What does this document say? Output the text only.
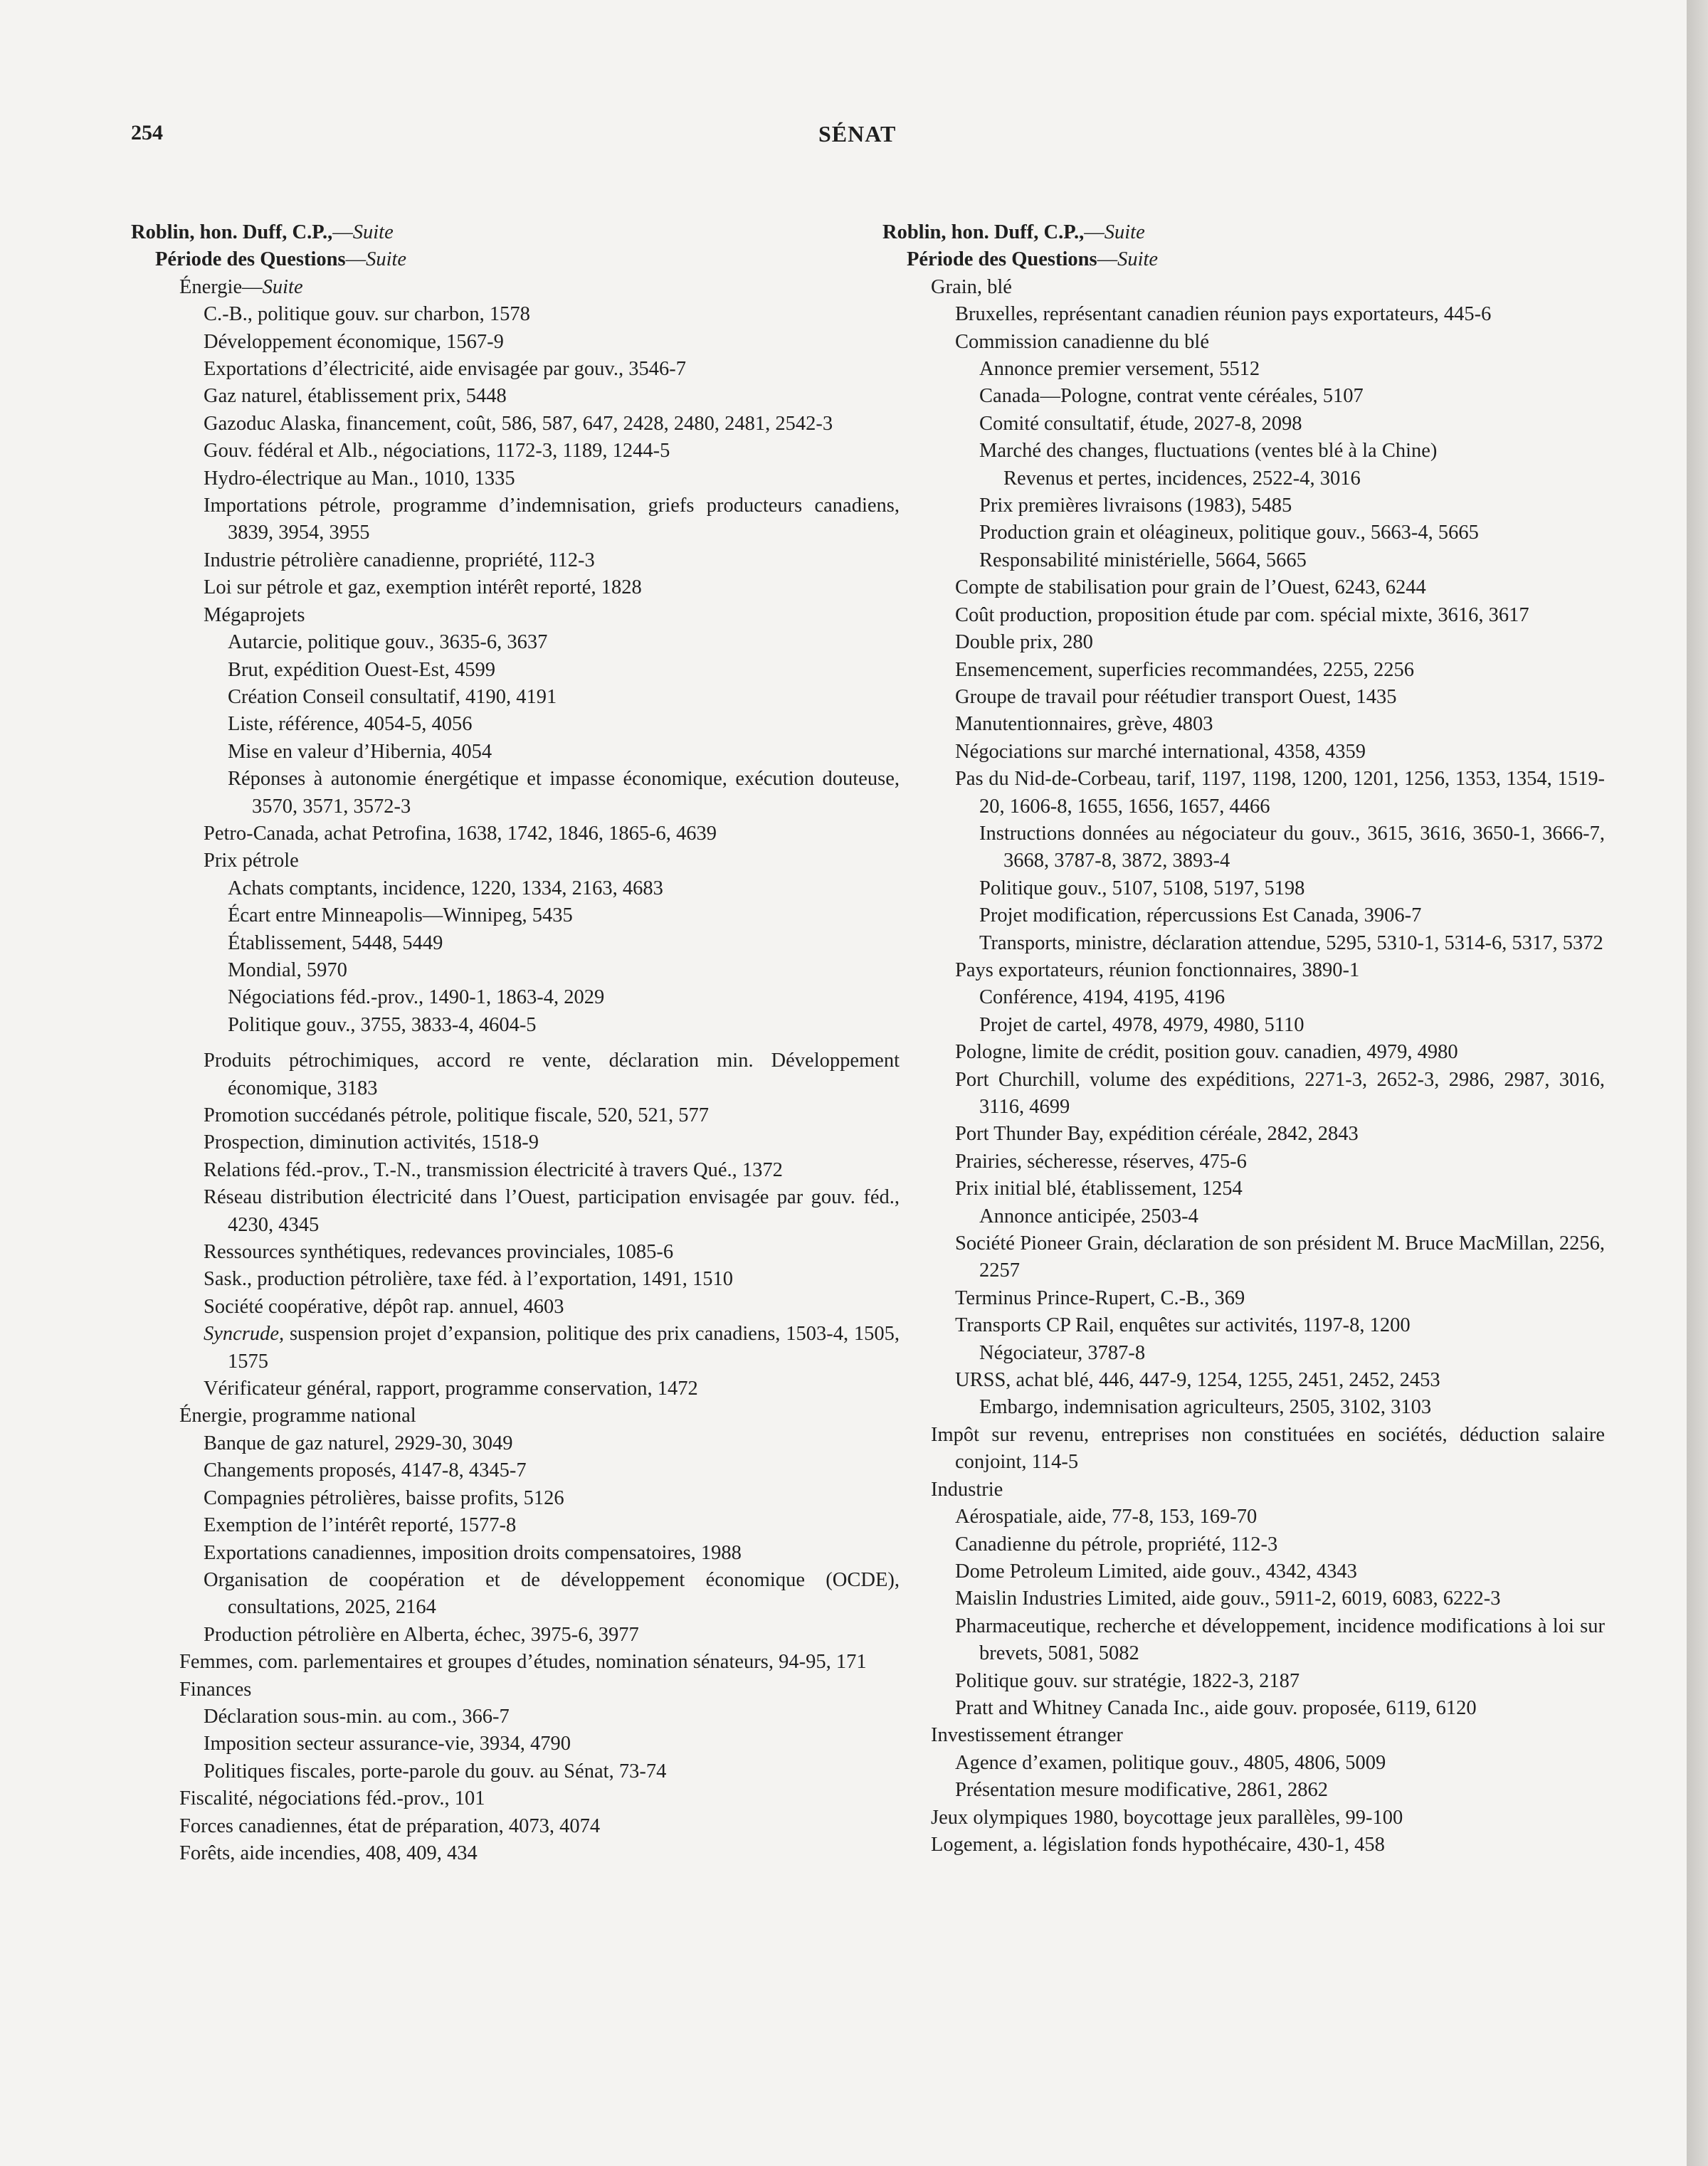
254	SÉNAT
Roblin, hon. Duff, C.P.,—Suite
Période des Questions—Suite
Énergie—Suite
C.-B., politique gouv. sur charbon, 1578
Développement économique, 1567-9
Exportations d’électricité, aide envisagée par gouv., 3546-7
Gaz naturel, établissement prix, 5448
Gazoduc Alaska, financement, coût, 586, 587, 647, 2428, 2480, 2481, 2542-3
Gouv. fédéral et Alb., négociations, 1172-3, 1189, 1244-5
Hydro-électrique au Man., 1010, 1335
Importations pétrole, programme d’indemnisation, griefs producteurs canadiens, 3839, 3954, 3955
Industrie pétrolière canadienne, propriété, 112-3
Loi sur pétrole et gaz, exemption intérêt reporté, 1828
Mégaprojets
Autarcie, politique gouv., 3635-6, 3637
Brut, expédition Ouest-Est, 4599
Création Conseil consultatif, 4190, 4191
Liste, référence, 4054-5, 4056
Mise en valeur d’Hibernia, 4054
Réponses à autonomie énergétique et impasse économique, exécution douteuse, 3570, 3571, 3572-3
Petro-Canada, achat Petrofina, 1638, 1742, 1846, 1865-6, 4639
Prix pétrole
Achats comptants, incidence, 1220, 1334, 2163, 4683
Écart entre Minneapolis—Winnipeg, 5435
Établissement, 5448, 5449
Mondial, 5970
Négociations féd.-prov., 1490-1, 1863-4, 2029
Politique gouv., 3755, 3833-4, 4604-5
Produits pétrochimiques, accord re vente, déclaration min. Développement économique, 3183
Promotion succédanés pétrole, politique fiscale, 520, 521, 577
Prospection, diminution activités, 1518-9
Relations féd.-prov., T.-N., transmission électricité à travers Qué., 1372
Réseau distribution électricité dans l’Ouest, participation envisagée par gouv. féd., 4230, 4345
Ressources synthétiques, redevances provinciales, 1085-6
Sask., production pétrolière, taxe féd. à l’exportation, 1491, 1510
Société coopérative, dépôt rap. annuel, 4603
Syncrude, suspension projet d’expansion, politique des prix canadiens, 1503-4, 1505, 1575
Vérificateur général, rapport, programme conservation, 1472
Énergie, programme national
Banque de gaz naturel, 2929-30, 3049
Changements proposés, 4147-8, 4345-7
Compagnies pétrolières, baisse profits, 5126
Exemption de l’intérêt reporté, 1577-8
Exportations canadiennes, imposition droits compensatoires, 1988
Organisation de coopération et de développement économique (OCDE), consultations, 2025, 2164
Production pétrolière en Alberta, échec, 3975-6, 3977
Femmes, com. parlementaires et groupes d’études, nomination sénateurs, 94-95, 171
Finances
Déclaration sous-min. au com., 366-7
Imposition secteur assurance-vie, 3934, 4790
Politiques fiscales, porte-parole du gouv. au Sénat, 73-74
Fiscalité, négociations féd.-prov., 101
Forces canadiennes, état de préparation, 4073, 4074
Forêts, aide incendies, 408, 409, 434
Roblin, hon. Duff, C.P.,—Suite
Période des Questions—Suite
Grain, blé
Bruxelles, représentant canadien réunion pays exportateurs, 445-6
Commission canadienne du blé
Annonce premier versement, 5512
Canada—Pologne, contrat vente céréales, 5107
Comité consultatif, étude, 2027-8, 2098
Marché des changes, fluctuations (ventes blé à la Chine)
Revenus et pertes, incidences, 2522-4, 3016
Prix premières livraisons (1983), 5485
Production grain et oléagineux, politique gouv., 5663-4, 5665
Responsabilité ministérielle, 5664, 5665
Compte de stabilisation pour grain de l’Ouest, 6243, 6244
Coût production, proposition étude par com. spécial mixte, 3616, 3617
Double prix, 280
Ensemencement, superficies recommandées, 2255, 2256
Groupe de travail pour réétudier transport Ouest, 1435
Manutentionnaires, grève, 4803
Négociations sur marché international, 4358, 4359
Pas du Nid-de-Corbeau, tarif, 1197, 1198, 1200, 1201, 1256, 1353, 1354, 1519-20, 1606-8, 1655, 1656, 1657, 4466
Instructions données au négociateur du gouv., 3615, 3616, 3650-1, 3666-7, 3668, 3787-8, 3872, 3893-4
Politique gouv., 5107, 5108, 5197, 5198
Projet modification, répercussions Est Canada, 3906-7
Transports, ministre, déclaration attendue, 5295, 5310-1, 5314-6, 5317, 5372
Pays exportateurs, réunion fonctionnaires, 3890-1
Conférence, 4194, 4195, 4196
Projet de cartel, 4978, 4979, 4980, 5110
Pologne, limite de crédit, position gouv. canadien, 4979, 4980
Port Churchill, volume des expéditions, 2271-3, 2652-3, 2986, 2987, 3016, 3116, 4699
Port Thunder Bay, expédition céréale, 2842, 2843
Prairies, sécheresse, réserves, 475-6
Prix initial blé, établissement, 1254
Annonce anticipée, 2503-4
Société Pioneer Grain, déclaration de son président M. Bruce MacMillan, 2256, 2257
Terminus Prince-Rupert, C.-B., 369
Transports CP Rail, enquêtes sur activités, 1197-8, 1200
Négociateur, 3787-8
URSS, achat blé, 446, 447-9, 1254, 1255, 2451, 2452, 2453
Embargo, indemnisation agriculteurs, 2505, 3102, 3103
Impôt sur revenu, entreprises non constituées en sociétés, déduction salaire conjoint, 114-5
Industrie
Aérospatiale, aide, 77-8, 153, 169-70
Canadienne du pétrole, propriété, 112-3
Dome Petroleum Limited, aide gouv., 4342, 4343
Maislin Industries Limited, aide gouv., 5911-2, 6019, 6083, 6222-3
Pharmaceutique, recherche et développement, incidence modifications à loi sur brevets, 5081, 5082
Politique gouv. sur stratégie, 1822-3, 2187
Pratt and Whitney Canada Inc., aide gouv. proposée, 6119, 6120
Investissement étranger
Agence d’examen, politique gouv., 4805, 4806, 5009
Présentation mesure modificative, 2861, 2862
Jeux olympiques 1980, boycottage jeux parallèles, 99-100
Logement, a. législation fonds hypothécaire, 430-1, 458
